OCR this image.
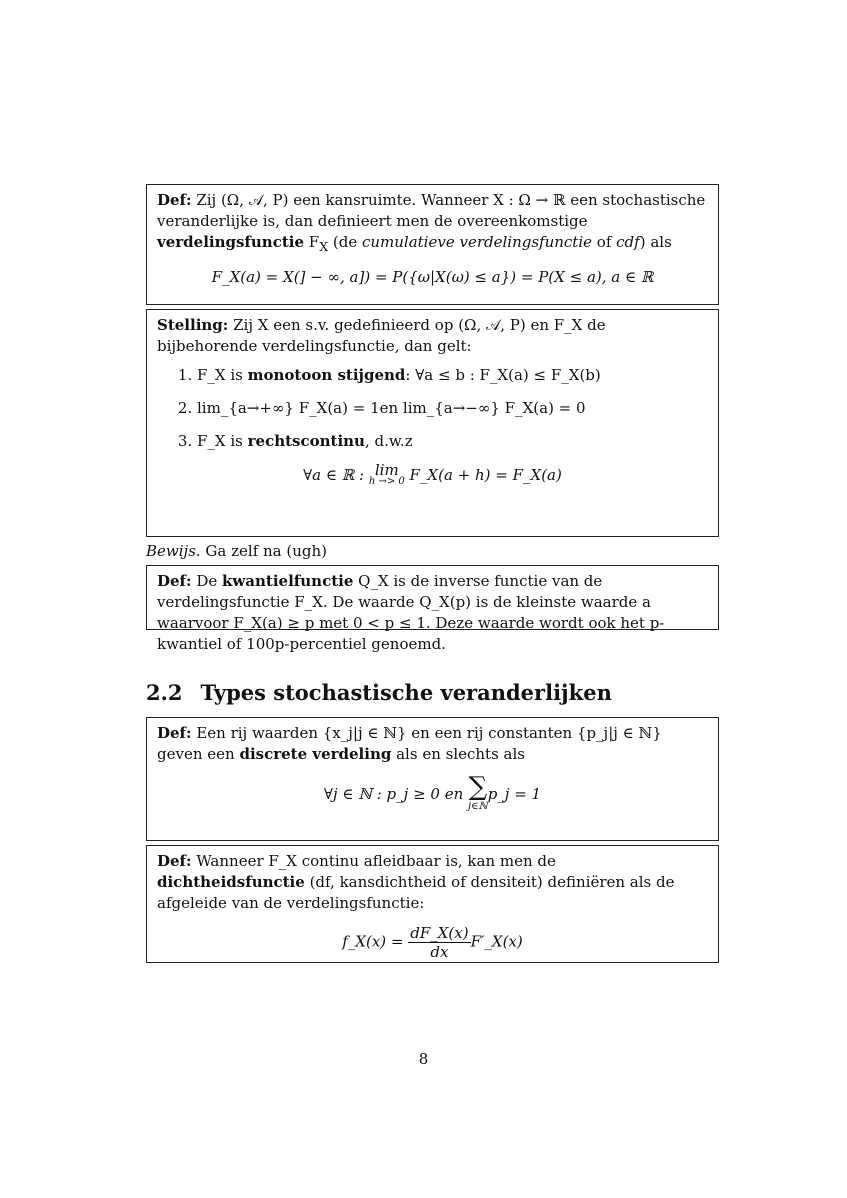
Def: Zij (Ω, 𝒜, P) een kansruimte. Wanneer X : Ω → ℝ een stochastische veranderlijke is, dan definieert men de overeenkomstige verdelingsfunctie $F_X$ (de cumulatieve verdelingsfunctie of cdf) als
F_X(a) = X(] − ∞, a]) = P({ω|X(ω) ≤ a}) = P(X ≤ a), a ∈ ℝ
Stelling: Zij X een s.v. gedefinieerd op (Ω, 𝒜, P) en F_X de bijbehorende verdelingsfunctie, dan gelt:
1. F_X is monotoon stijgend: ∀a ≤ b : F_X(a) ≤ F_X(b)
2. lim_{a→+∞} F_X(a) = 1en lim_{a→−∞} F_X(a) = 0
3. F_X is rechtscontinu, d.w.z
∀a ∈ ℝ : lim
h →> 0 F_X(a + h) = F_X(a)
Bewijs. Ga zelf na (ugh)
Def: De kwantielfunctie Q_X is de inverse functie van de verdelingsfunctie F_X. De waarde Q_X(p) is de kleinste waarde a waarvoor F_X(a) ≥ p met 0 < p ≤ 1. Deze waarde wordt ook het p-kwantiel of 100p-percentiel genoemd.
2.2 Types stochastische veranderlijken
Def: Een rij waarden {x_j|j ∈ ℕ} en een rij constanten {p_j|j ∈ ℕ} geven een discrete verdeling als en slechts als
∀j ∈ ℕ : p_j ≥ 0 en ∑
j∈ℕ
p_j = 1
Def: Wanneer F_X continu afleidbaar is, kan men de dichtheidsfunctie (df, kansdichtheid of densiteit) definiëren als de afgeleide van de verdelingsfunctie:
f_X(x) = $\frac{dF\_X(x)}{dx}$ F′_X(x)
8
